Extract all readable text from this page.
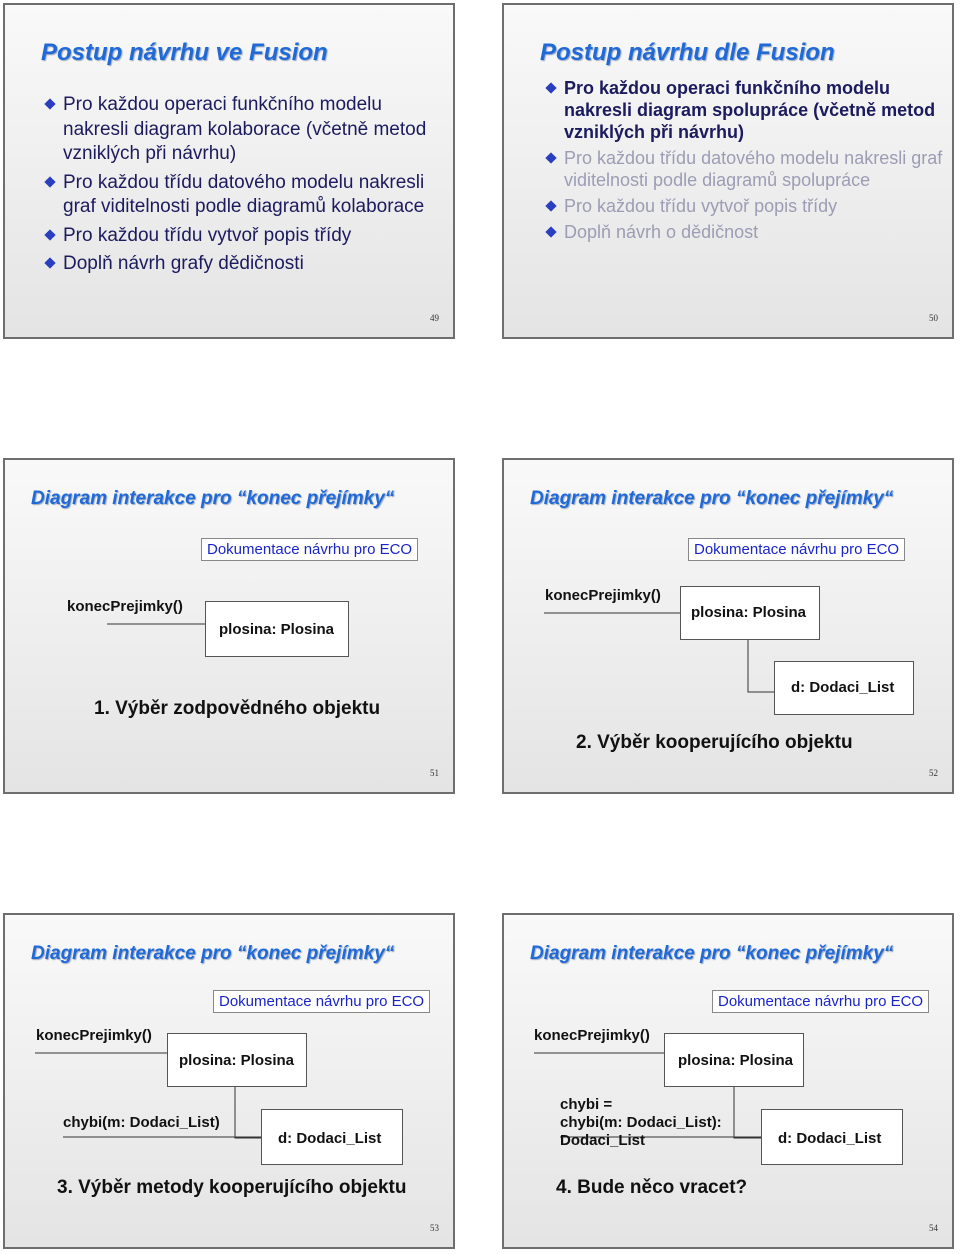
Postup návrhu ve Fusion
Pro každou operaci funkčního modelu nakresli diagram kolaborace (včetně metod vzniklých při návrhu)
Pro každou třídu datového modelu nakresli graf viditelnosti podle diagramů kolaborace
Pro každou třídu vytvoř popis třídy
Doplň návrh grafy dědičnosti
49
Postup návrhu dle Fusion
Pro každou operaci funkčního modelu nakresli diagram spolupráce (včetně metod vzniklých při návrhu)
Pro každou třídu datového modelu nakresli graf viditelnosti podle diagramů spolupráce
Pro každou třídu vytvoř popis třídy
Doplň návrh o dědičnost
50
Diagram interakce pro “konec přejímky“
Dokumentace návrhu pro ECO
konecPrejimky()
plosina: Plosina
1. Výběr zodpovědného objektu
51
Diagram interakce pro “konec přejímky“
Dokumentace návrhu pro ECO
konecPrejimky()
plosina: Plosina
d: Dodaci_List
2. Výběr kooperujícího objektu
52
Diagram interakce pro “konec přejímky“
Dokumentace návrhu pro ECO
konecPrejimky()
plosina: Plosina
chybi(m: Dodaci_List)
d: Dodaci_List
3. Výběr metody kooperujícího objektu
53
Diagram interakce pro “konec přejímky“
Dokumentace návrhu pro ECO
konecPrejimky()
plosina: Plosina
chybi =
chybi(m: Dodaci_List):
Dodaci_List	d: Dodaci_List
4. Bude něco vracet?
54
